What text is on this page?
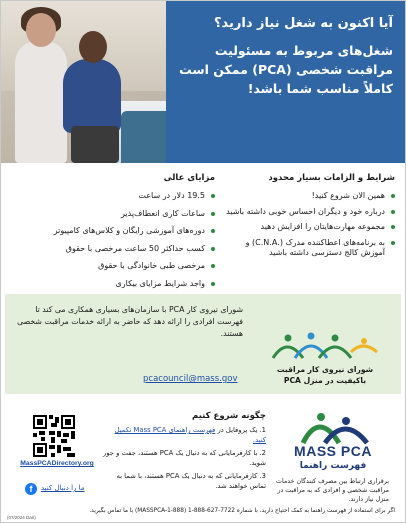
آیا اکنون به شغل نیاز دارید؟
شغل‌های مربوط به مسئولیت مراقبت شخصی (PCA) ممکن است کاملاً مناسب شما باشد!
شرایط و الزامات بسیار محدود
همین الان شروع کنید!
درباره خود و دیگران احساس خوبی داشته باشید
مجموعه مهارت‌هایتان را افزایش دهید
به برنامه‌های اعطاکننده مدرک (.C.N.A) و آموزش کالج دسترسی داشته باشید
مزایای عالی
19.5 دلار در ساعت
ساعات کاری انعطاف‌پذیر
دوره‌های آموزشی رایگان و کلاس‌های کامپیوتر
کسب حداکثر 50 ساعت مرخصی با حقوق
مرخصی طبی خانوادگی با حقوق
واجد شرایط مزایای بیکاری
شورای نیروی کار PCA با سازمان‌های بسیاری همکاری می کند تا فهرست افرادی را ارائه دهد که حاضر به ارائه خدمات مراقبت شخصی هستند.
pcacouncil@mass.gov
شورای نیروی کار مراقبت باکیفیت در منزل PCA
MASS PCA
فهرست راهنما
برقراری ارتباط بین مصرف کنندگان خدمات مراقبت شخصی و افرادی که به مراقبت در منزل نیاز دارند.
چگونه شروع کنیم
1. یک پروفایل در فهرست راهنمای Mass PCA تکمیل کنید.
2. با کارفرمایانی که به دنبال یک PCA هستند، جفت و جور شوید.
3. کارفرمایانی که به دنبال یک PCA هستند، با شما به تماس خواهند شد.
MassPCADirectory.org
f	ما را دنبال کنید
اگر برای استفاده از فهرست راهنما به کمک احتیاج دارید، با شماره 7722-627-888-1 (MASSPCA-1-888) با ما تماس بگیرید.
(07/2024 Dari)
